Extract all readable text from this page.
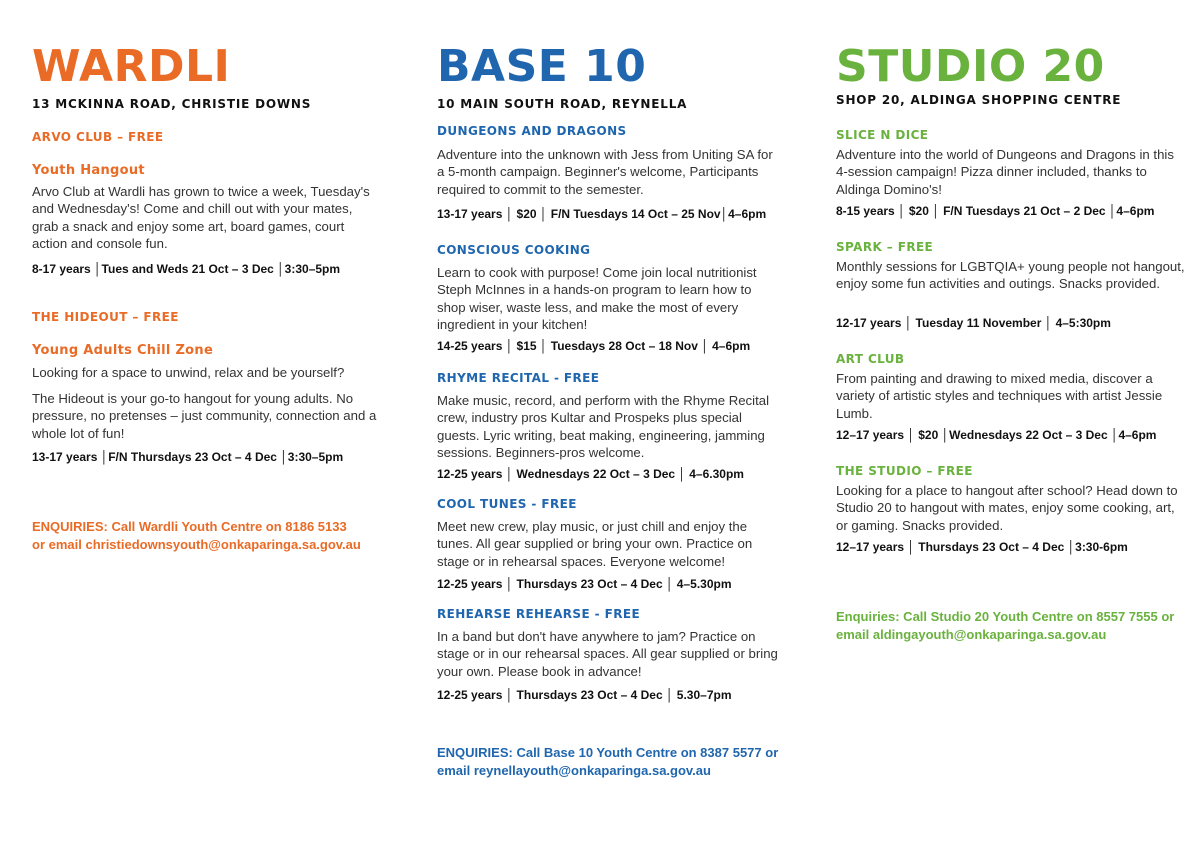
WARDLI
13 MCKINNA ROAD, CHRISTIE DOWNS
ARVO CLUB – FREE
Youth Hangout
Arvo Club at Wardli has grown to twice a week, Tuesday's and Wednesday's! Come and chill out with your mates, grab a snack and enjoy some art, board games, court action and console fun.
8-17 years │Tues and Weds 21 Oct – 3 Dec │3:30–5pm
THE HIDEOUT – FREE
Young Adults Chill Zone
Looking for a space to unwind, relax and be yourself?
The Hideout is your go-to hangout for young adults. No pressure, no pretenses – just community, connection and a whole lot of fun!
13-17 years │F/N Thursdays 23 Oct – 4 Dec │3:30–5pm
ENQUIRIES: Call Wardli Youth Centre on 8186 5133 or email christiedownsyouth@onkaparinga.sa.gov.au
BASE 10
10 MAIN SOUTH ROAD, REYNELLA
DUNGEONS AND DRAGONS
Adventure into the unknown with Jess from Uniting SA for a 5-month campaign. Beginner's welcome, Participants required to commit to the semester.
13-17 years │ $20 │ F/N Tuesdays 14 Oct – 25 Nov│4–6pm
CONSCIOUS COOKING
Learn to cook with purpose! Come join local nutritionist Steph McInnes in a hands-on program to learn how to shop wiser, waste less, and make the most of every ingredient in your kitchen!
14-25 years │ $15 │ Tuesdays 28 Oct – 18 Nov │ 4–6pm
RHYME RECITAL - FREE
Make music, record, and perform with the Rhyme Recital crew, industry pros Kultar and Prospeks plus special guests. Lyric writing, beat making, engineering, jamming sessions. Beginners-pros welcome.
12-25 years │ Wednesdays 22 Oct – 3 Dec │ 4–6.30pm
COOL TUNES - FREE
Meet new crew, play music, or just chill and enjoy the tunes. All gear supplied or bring your own. Practice on stage or in rehearsal spaces. Everyone welcome!
12-25 years │ Thursdays 23 Oct – 4 Dec │ 4–5.30pm
REHEARSE REHEARSE - FREE
In a band but don't have anywhere to jam? Practice on stage or in our rehearsal spaces. All gear supplied or bring your own. Please book in advance!
12-25 years │ Thursdays 23 Oct – 4 Dec │ 5.30–7pm
ENQUIRIES: Call Base 10 Youth Centre on 8387 5577 or email reynellayouth@onkaparinga.sa.gov.au
STUDIO 20
SHOP 20, ALDINGA SHOPPING CENTRE
SLICE N DICE
Adventure into the world of Dungeons and Dragons in this 4-session campaign! Pizza dinner included, thanks to Aldinga Domino's!
8-15 years │ $20 │ F/N Tuesdays 21 Oct – 2 Dec │4–6pm
SPARK – FREE
Monthly sessions for LGBTQIA+ young people not hangout, enjoy some fun activities and outings. Snacks provided.
12-17 years │ Tuesday 11 November │ 4–5:30pm
ART CLUB
From painting and drawing to mixed media, discover a variety of artistic styles and techniques with artist Jessie Lumb.
12–17 years │ $20 │Wednesdays 22 Oct – 3 Dec │4–6pm
THE STUDIO – FREE
Looking for a place to hangout after school? Head down to Studio 20 to hangout with mates, enjoy some cooking, art, or gaming. Snacks provided.
12–17 years │ Thursdays 23 Oct – 4 Dec │3:30-6pm
Enquiries: Call Studio 20 Youth Centre on 8557 7555 or email aldingayouth@onkaparinga.sa.gov.au
